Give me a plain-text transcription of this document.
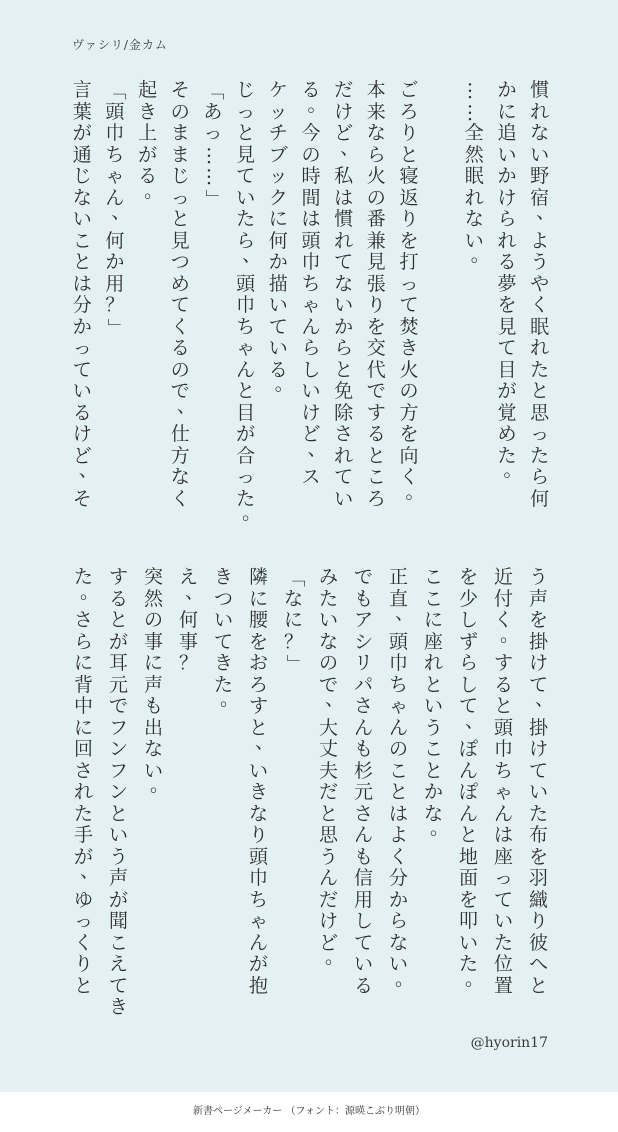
ヴァシリ/金カム
慣
れ
な
い
野
宿
、
よ
う
や
く
眠
れ
た
と
思
っ
た
ら
何
か
に
追
い
か
け
ら
れ
る
夢
を
見
て
目
が
覚
め
た
。
…
…
全
然
眠
れ
な
い
。
ご
ろ
り
と
寝
返
り
を
打
っ
て
焚
き
火
の
方
を
向
く
。
本
来
な
ら
火
の
番
兼
見
張
り
を
交
代
で
す
る
と
こ
ろ
だ
け
ど
、
私
は
慣
れ
て
な
い
か
ら
と
免
除
さ
れ
て
い
る
。
今
の
時
間
は
頭
巾
ち
ゃ
ん
ら
し
い
け
ど
、
ス
ケ
ッ
チ
ブ
ッ
ク
に
何
か
描
い
て
い
る
。
じ
っ
と
見
て
い
た
ら
、
頭
巾
ち
ゃ
ん
と
目
が
合
っ
た
。
「
あ
っ
…
…
」
そ
の
ま
ま
じ
っ
と
見
つ
め
て
く
る
の
で
、
仕
方
な
く
起
き
上
が
る
。
「
頭
巾
ち
ゃ
ん
、
何
か
用
？
」
言
葉
が
通
じ
な
い
こ
と
は
分
か
っ
て
い
る
け
ど
、
そ
う
声
を
掛
け
て
、
掛
け
て
い
た
布
を
羽
織
り
彼
へ
と
近
付
く
。
す
る
と
頭
巾
ち
ゃ
ん
は
座
っ
て
い
た
位
置
を
少
し
ず
ら
し
て
、
ぽ
ん
ぽ
ん
と
地
面
を
叩
い
た
。
こ
こ
に
座
れ
と
い
う
こ
と
か
な
。
正
直
、
頭
巾
ち
ゃ
ん
の
こ
と
は
よ
く
分
か
ら
な
い
。
で
も
ア
シ
リ
パ
さ
ん
も
杉
元
さ
ん
も
信
用
し
て
い
る
み
た
い
な
の
で
、
大
丈
夫
だ
と
思
う
ん
だ
け
ど
。
「
な
に
？
」
隣
に
腰
を
お
ろ
す
と
、
い
き
な
り
頭
巾
ち
ゃ
ん
が
抱
き
つ
い
て
き
た
。
え
、
何
事
？
突
然
の
事
に
声
も
出
な
い
。
す
る
と
が
耳
元
で
フ
ン
フ
ン
と
い
う
声
が
聞
こ
え
て
き
た
。
さ
ら
に
背
中
に
回
さ
れ
た
手
が
、
ゆ
っ
く
り
と
@hyorin17
新書ページメーカー （フォント：源暎こぶり明朝）
